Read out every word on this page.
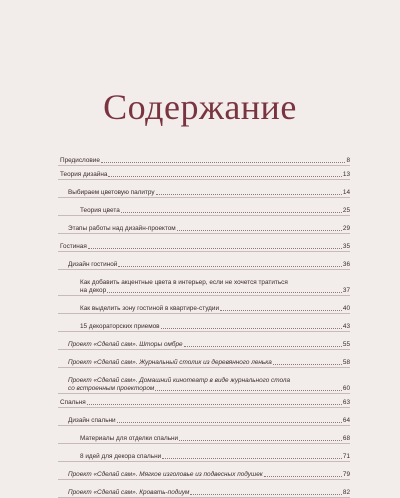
Содержание
Предисловие	8
Теория дизайна	13
Выбираем цветовую палитру	14
Теория цвета	25
Этапы работы над дизайн-проектом	29
Гостиная	35
Дизайн гостиной	36
Как добавить акцентные цвета в интерьер, если не хочется тратиться
на декор	37
Как выделить зону гостиной в квартире-студии	40
15 декораторских приемов	43
Проект «Сделай сам». Шторы омбре	55
Проект «Сделай сам». Журнальный столик из деревянного ленька	58
Проект «Сделай сам». Домашний кинотеатр в виде журнального стола
со встроенным проектором	60
Спальня	63
Дизайн спальни	64
Материалы для отделки спальни	68
8 идей для декора спальни	71
Проект «Сделай сам». Мягкое изголовье из подвесных подушек	79
Проект «Сделай сам». Кровать-подиум	82
